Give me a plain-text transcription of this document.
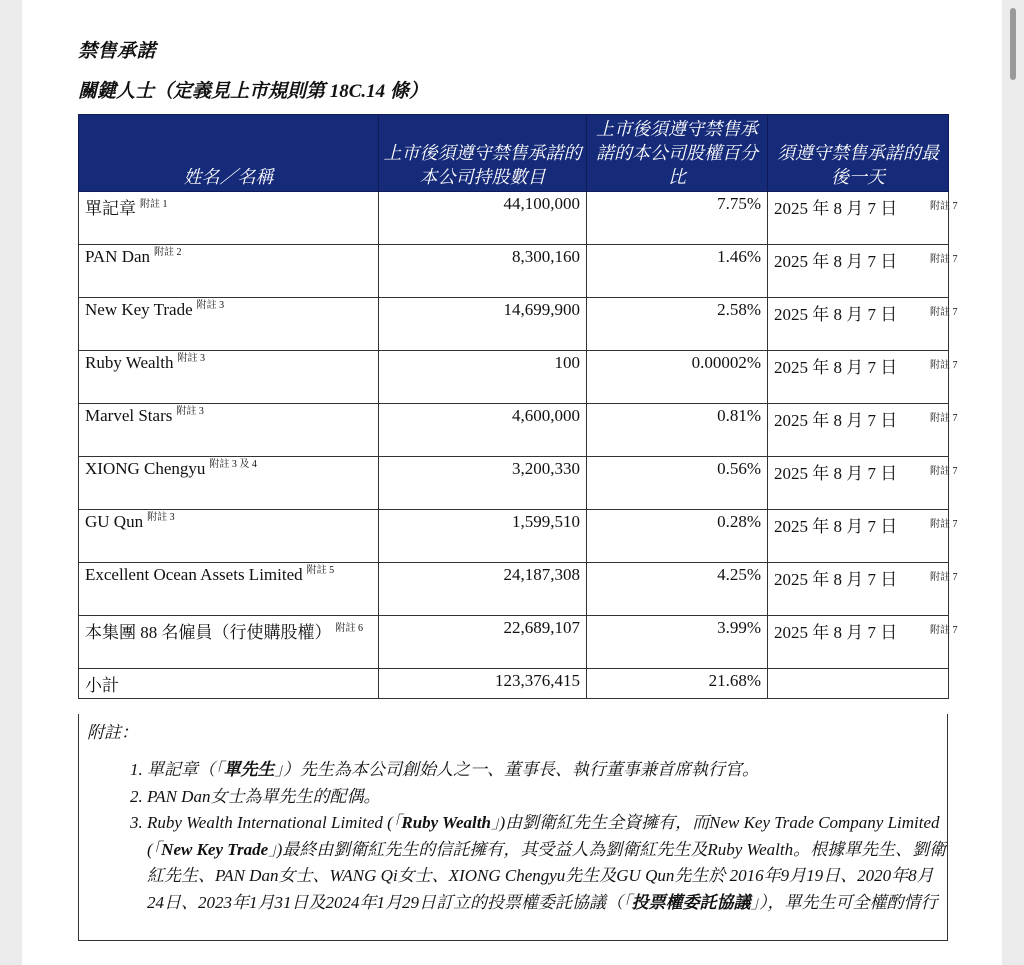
禁售承諾
關鍵人士（定義見上市規則第 18C.14 條）
姓名／名稱	上市後須遵守禁售承諾的本公司持股數目	上市後須遵守禁售承諾的本公司股權百分比	須遵守禁售承諾的最後一天
單記章 $^{附註 1}$	44,100,000	7.75%	2025 年 8 月 7 日 附註 7

PAN Dan $^{附註 2}$	8,300,160	1.46%	2025 年 8 月 7 日 附註 7

New Key Trade $^{附註 3}$	14,699,900	2.58%	2025 年 8 月 7 日 附註 7

Ruby Wealth $^{附註 3}$	100	0.00002%	2025 年 8 月 7 日 附註 7

Marvel Stars $^{附註 3}$	4,600,000	0.81%	2025 年 8 月 7 日 附註 7

XIONG Chengyu $^{附註 3 及 4}$	3,200,330	0.56%	2025 年 8 月 7 日 附註 7

GU Qun $^{附註 3}$	1,599,510	0.28%	2025 年 8 月 7 日 附註 7

Excellent Ocean Assets Limited $^{附註 5}$	24,187,308	4.25%	2025 年 8 月 7 日 附註 7

本集團 88 名僱員（行使購股權） $^{附註 6}$	22,689,107	3.99%	2025 年 8 月 7 日 附註 7

小計	123,376,415	21.68%	
附註：
1. 單記章（「單先生」）先生為本公司創始人之一、董事長、執行董事兼首席執行官。
2. PAN Dan女士為單先生的配偶。
3. Ruby Wealth International Limited (「Ruby Wealth」)由劉衛紅先生全資擁有，而New Key Trade Company Limited (「New Key Trade」)最終由劉衛紅先生的信託擁有，其受益人為劉衛紅先生及Ruby Wealth。根據單先生、劉衛紅先生、PAN Dan女士、WANG Qi女士、XIONG Chengyu先生及GU Qun先生於 2016年9月19日、2020年8月24日、2023年1月31日及2024年1月29日訂立的投票權委託協議（「投票權委託協議」），單先生可全權酌情行
